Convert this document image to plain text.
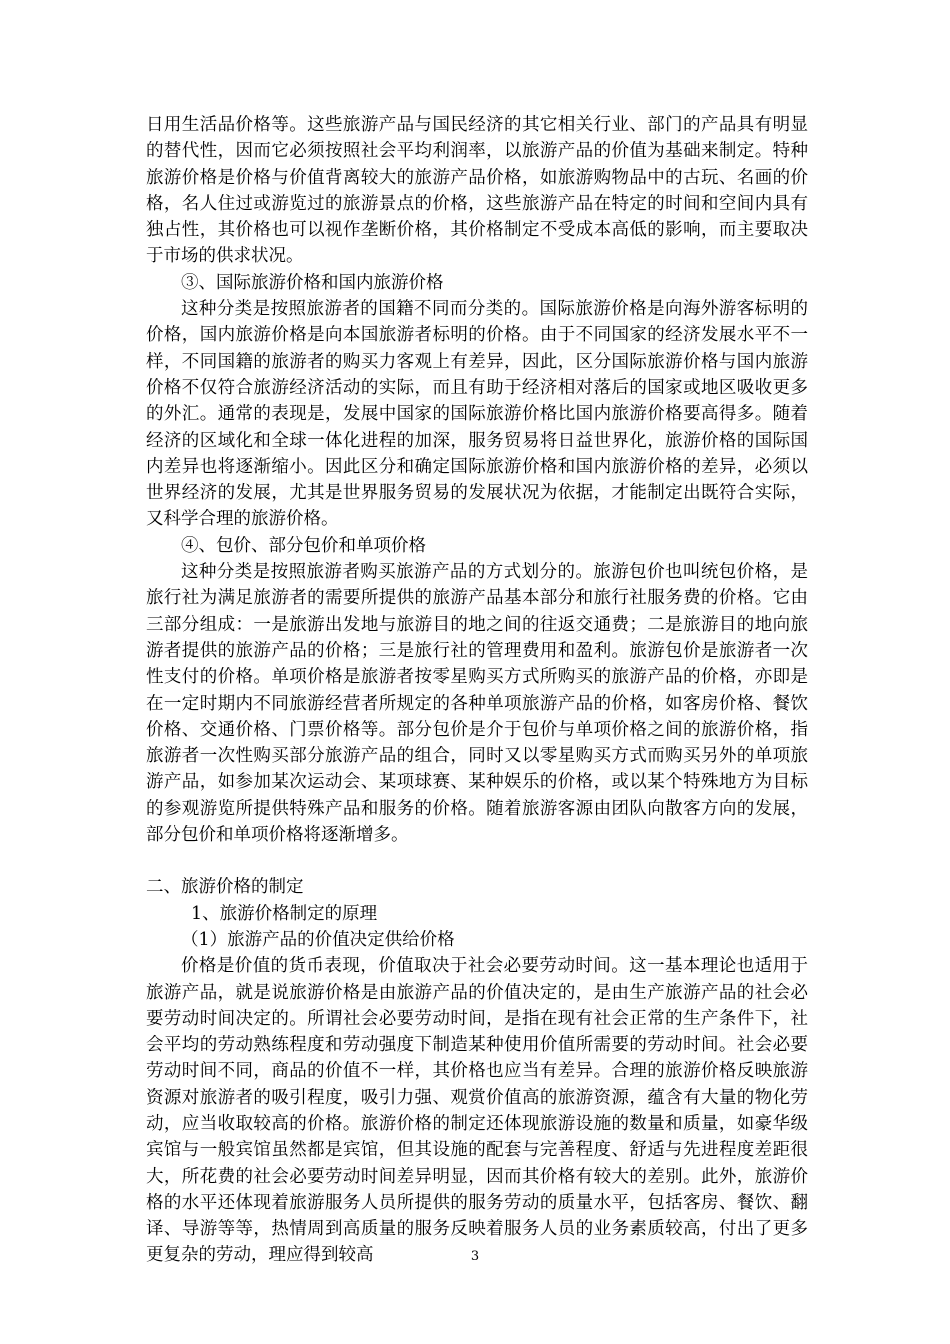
日用生活品价格等。这些旅游产品与国民经济的其它相关行业、部门的产品具有明显的替代性，因而它必须按照社会平均利润率，以旅游产品的价值为基础来制定。特种旅游价格是价格与价值背离较大的旅游产品价格，如旅游购物品中的古玩、名画的价格，名人住过或游览过的旅游景点的价格，这些旅游产品在特定的时间和空间内具有独占性，其价格也可以视作垄断价格，其价格制定不受成本高低的影响，而主要取决于市场的供求状况。

③、国际旅游价格和国内旅游价格

这种分类是按照旅游者的国籍不同而分类的。国际旅游价格是向海外游客标明的价格，国内旅游价格是向本国旅游者标明的价格。由于不同国家的经济发展水平不一样，不同国籍的旅游者的购买力客观上有差异，因此，区分国际旅游价格与国内旅游价格不仅符合旅游经济活动的实际，而且有助于经济相对落后的国家或地区吸收更多的外汇。通常的表现是，发展中国家的国际旅游价格比国内旅游价格要高得多。随着经济的区域化和全球一体化进程的加深，服务贸易将日益世界化，旅游价格的国际国内差异也将逐渐缩小。因此区分和确定国际旅游价格和国内旅游价格的差异，必须以世界经济的发展，尤其是世界服务贸易的发展状况为依据，才能制定出既符合实际，又科学合理的旅游价格。

④、包价、部分包价和单项价格

这种分类是按照旅游者购买旅游产品的方式划分的。旅游包价也叫统包价格，是旅行社为满足旅游者的需要所提供的旅游产品基本部分和旅行社服务费的价格。它由三部分组成：一是旅游出发地与旅游目的地之间的往返交通费；二是旅游目的地向旅游者提供的旅游产品的价格；三是旅行社的管理费用和盈利。旅游包价是旅游者一次性支付的价格。单项价格是旅游者按零星购买方式所购买的旅游产品的价格，亦即是在一定时期内不同旅游经营者所规定的各种单项旅游产品的价格，如客房价格、餐饮价格、交通价格、门票价格等。部分包价是介于包价与单项价格之间的旅游价格，指旅游者一次性购买部分旅游产品的组合，同时又以零星购买方式而购买另外的单项旅游产品，如参加某次运动会、某项球赛、某种娱乐的价格，或以某个特殊地方为目标的参观游览所提供特殊产品和服务的价格。随着旅游客源由团队向散客方向的发展，部分包价和单项价格将逐渐增多。

二、旅游价格的制定

1、旅游价格制定的原理

（1）旅游产品的价值决定供给价格

价格是价值的货币表现，价值取决于社会必要劳动时间。这一基本理论也适用于旅游产品，就是说旅游价格是由旅游产品的价值决定的，是由生产旅游产品的社会必要劳动时间决定的。所谓社会必要劳动时间，是指在现有社会正常的生产条件下，社会平均的劳动熟练程度和劳动强度下制造某种使用价值所需要的劳动时间。社会必要劳动时间不同，商品的价值不一样，其价格也应当有差异。合理的旅游价格反映旅游资源对旅游者的吸引程度，吸引力强、观赏价值高的旅游资源，蕴含有大量的物化劳动，应当收取较高的价格。旅游价格的制定还体现旅游设施的数量和质量，如豪华级宾馆与一般宾馆虽然都是宾馆，但其设施的配套与完善程度、舒适与先进程度差距很大，所花费的社会必要劳动时间差异明显，因而其价格有较大的差别。此外，旅游价格的水平还体现着旅游服务人员所提供的服务劳动的质量水平，包括客房、餐饮、翻译、导游等等，热情周到高质量的服务反映着服务人员的业务素质较高，付出了更多更复杂的劳动，理应得到较高	3
